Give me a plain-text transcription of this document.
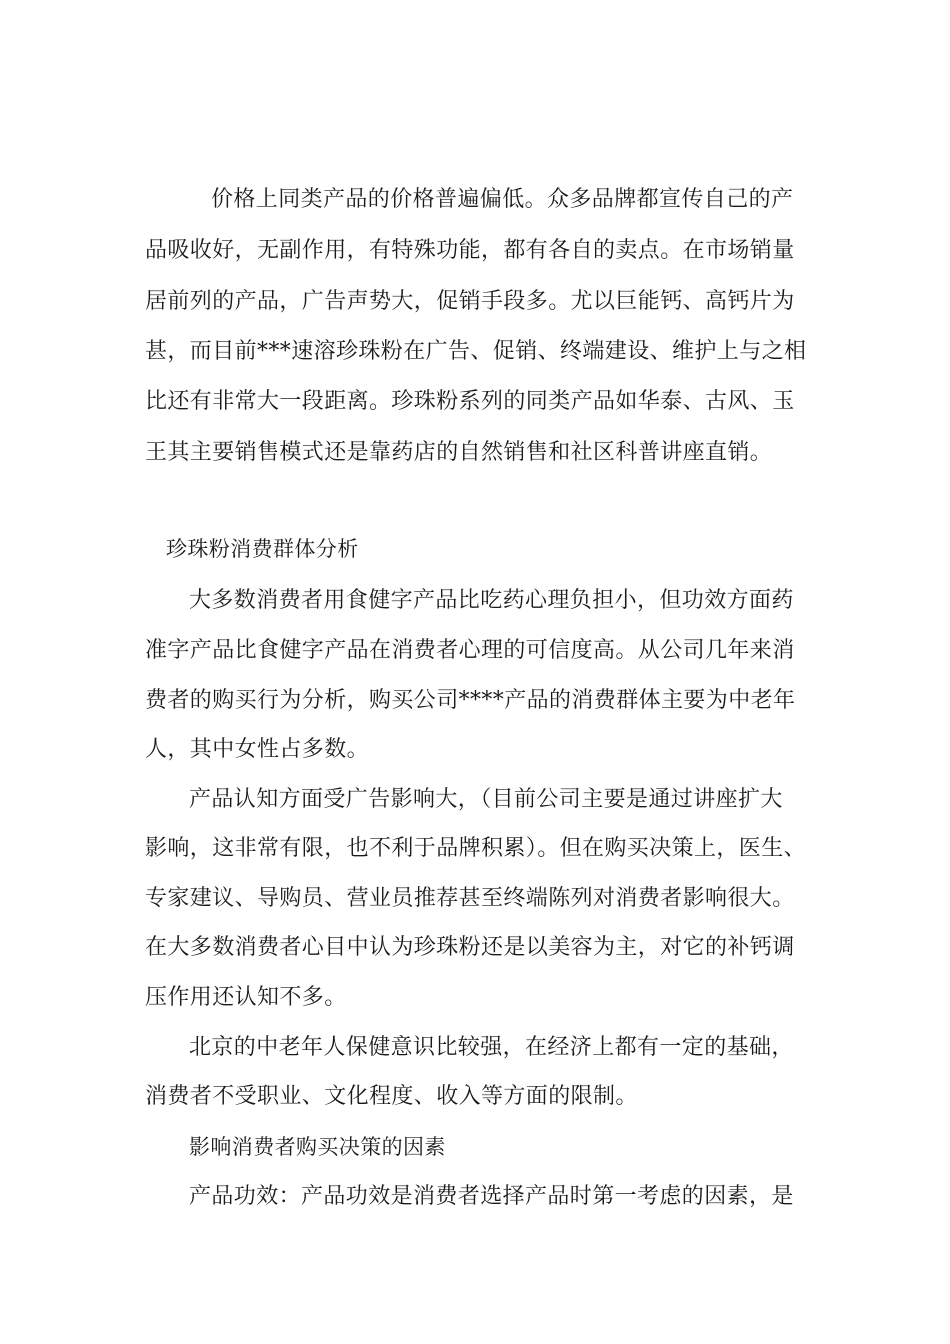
价格上同类产品的价格普遍偏低。众多品牌都宣传自己的产
品吸收好，无副作用，有特殊功能，都有各自的卖点。在市场销量
居前列的产品，广告声势大，促销手段多。尤以巨能钙、高钙片为
甚，而目前***速溶珍珠粉在广告、促销、终端建设、维护上与之相
比还有非常大一段距离。珍珠粉系列的同类产品如华泰、古风、玉
王其主要销售模式还是靠药店的自然销售和社区科普讲座直销。
珍珠粉消费群体分析
大多数消费者用食健字产品比吃药心理负担小，但功效方面药
准字产品比食健字产品在消费者心理的可信度高。从公司几年来消
费者的购买行为分析，购买公司****产品的消费群体主要为中老年
人，其中女性占多数。
产品认知方面受广告影响大，（目前公司主要是通过讲座扩大
影响，这非常有限，也不利于品牌积累）。但在购买决策上，医生、
专家建议、导购员、营业员推荐甚至终端陈列对消费者影响很大。
在大多数消费者心目中认为珍珠粉还是以美容为主，对它的补钙调
压作用还认知不多。
北京的中老年人保健意识比较强，在经济上都有一定的基础，
消费者不受职业、文化程度、收入等方面的限制。
影响消费者购买决策的因素
产品功效：产品功效是消费者选择产品时第一考虑的因素，是
